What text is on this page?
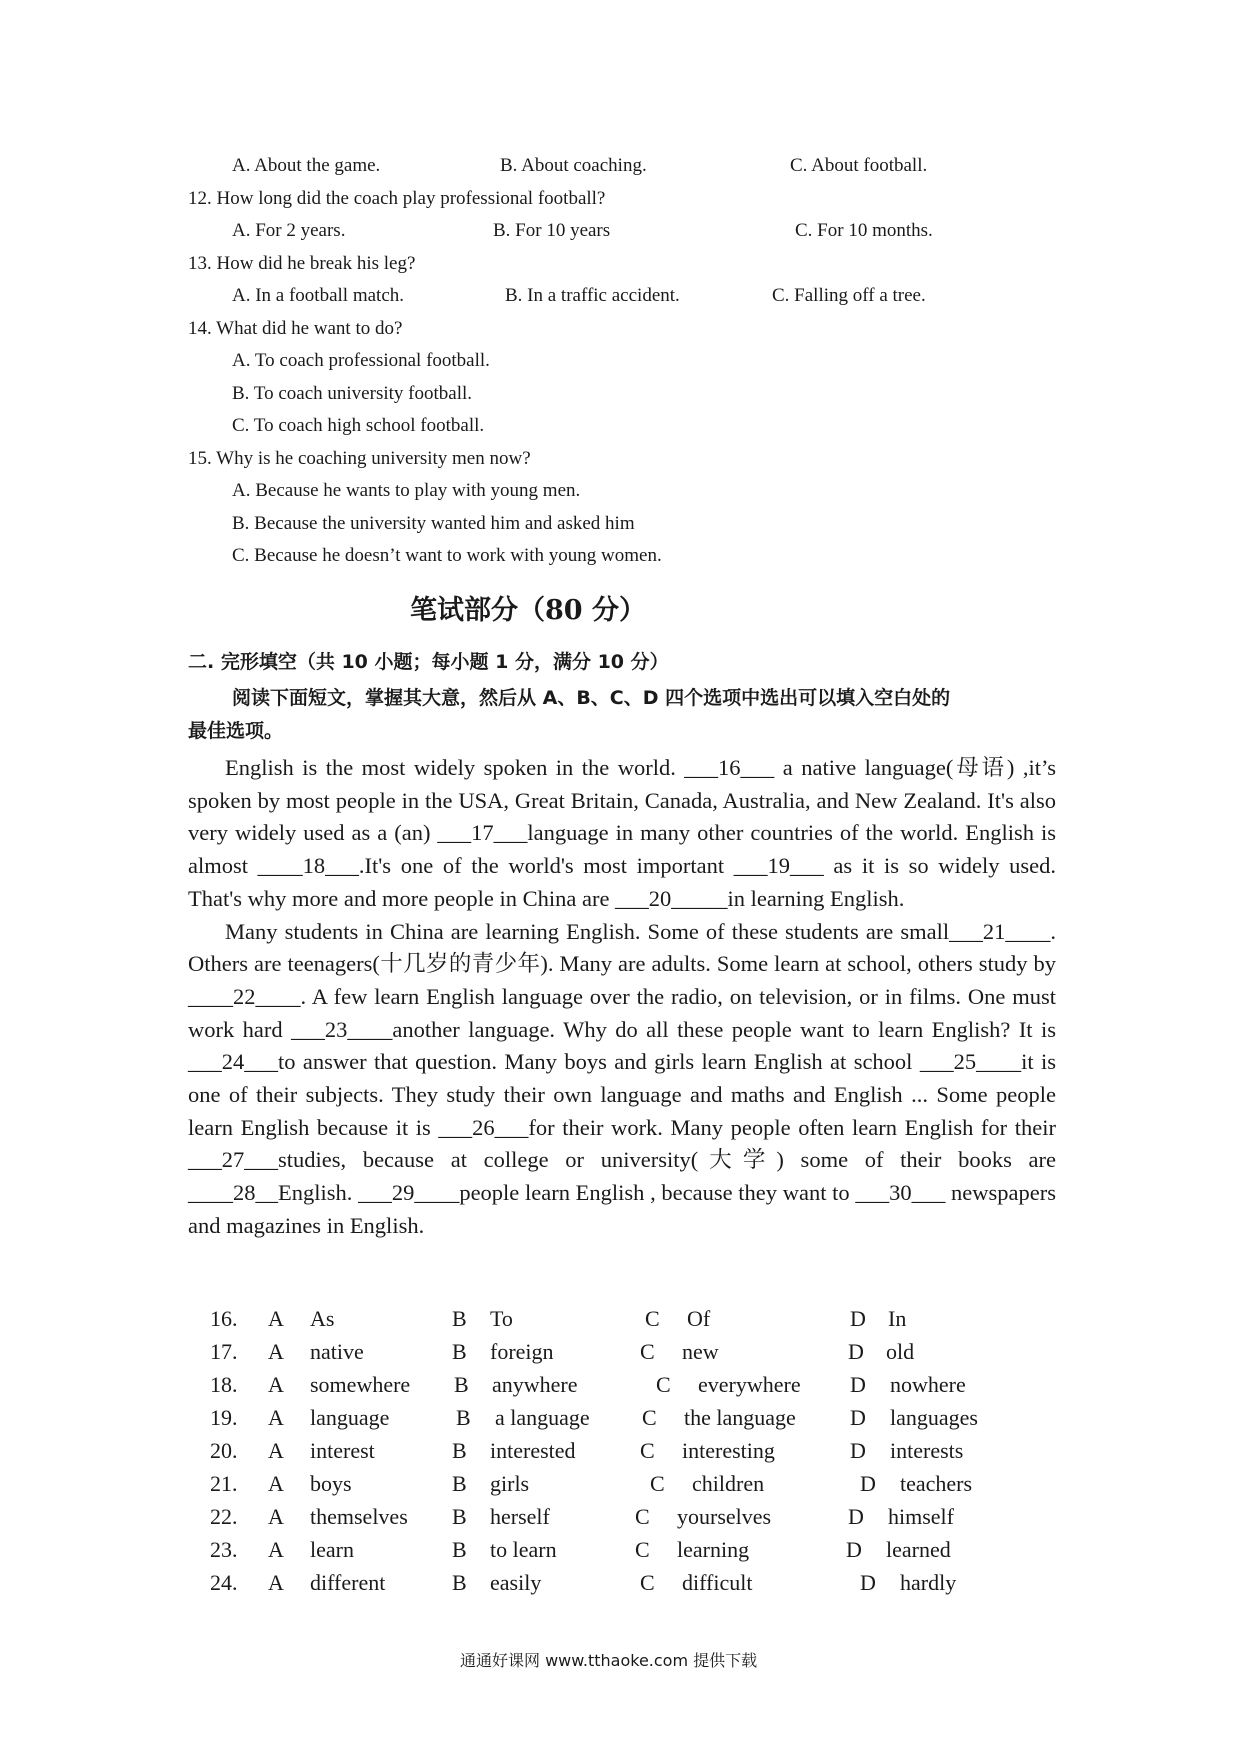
A. About the game.	B. About coaching.	C. About football.
12. How long did the coach play professional football?
A. For 2 years.	B. For 10 years	C. For 10 months.
13. How did he break his leg?
A. In a football match.	B. In a traffic accident.	C. Falling off a tree.
14. What did he want to do?
A. To coach professional football.
B. To coach university football.
C. To coach high school football.
15. Why is he coaching university men now?
A. Because he wants to play with young men.
B. Because the university wanted him and asked him
C. Because he doesn’t want to work with young women.
笔试部分（80 分）
二. 完形填空（共 10 小题；每小题 1 分，满分 10 分）
阅读下面短文，掌握其大意，然后从 A、B、C、D 四个选项中选出可以填入空白处的
最佳选项。

English is the most widely spoken in the world. ___16___ a native language(母语) ,it’s spoken by most people in the USA, Great Britain, Canada, Australia, and New Zealand. It's also very widely used as a (an) ___17___language in many other countries of the world. English is almost ____18___.It's one of the world's most important ___19___ as it is so widely used. That's why more and more people in China are ___20_____in learning English.

Many students in China are learning English. Some of these students are small___21____. Others are teenagers(十几岁的青少年). Many are adults. Some learn at school, others study by ____22____. A few learn English language over the radio, on television, or in films. One must work hard ___23____another language. Why do all these people want to learn English? It is ___24___to answer that question. Many boys and girls learn English at school ___25____it is one of their subjects. They study their own language and maths and English ... Some people learn English because it is ___26___for their work. Many people often learn English for their ___27___studies, because at college or university(大学) some of their books are ____28__English. ___29____people learn English , because they want to ___30___ newspapers and magazines in English.

16. A As	B To	C Of	D In
17. A native	B foreign	C new	D old
18. A somewhere B anywhere	C everywhere D nowhere
19. A language	B a language C the language D languages
20. A interest	B interested	C interesting	D interests
21. A boys	B girls	C children	D teachers
22. A themselves B herself	C yourselves	D himself
23. A learn	B to learn	C learning	D learned
24. A different	B easily	C difficult	D hardly
通通好课网 www.tthaoke.com 提供下载
